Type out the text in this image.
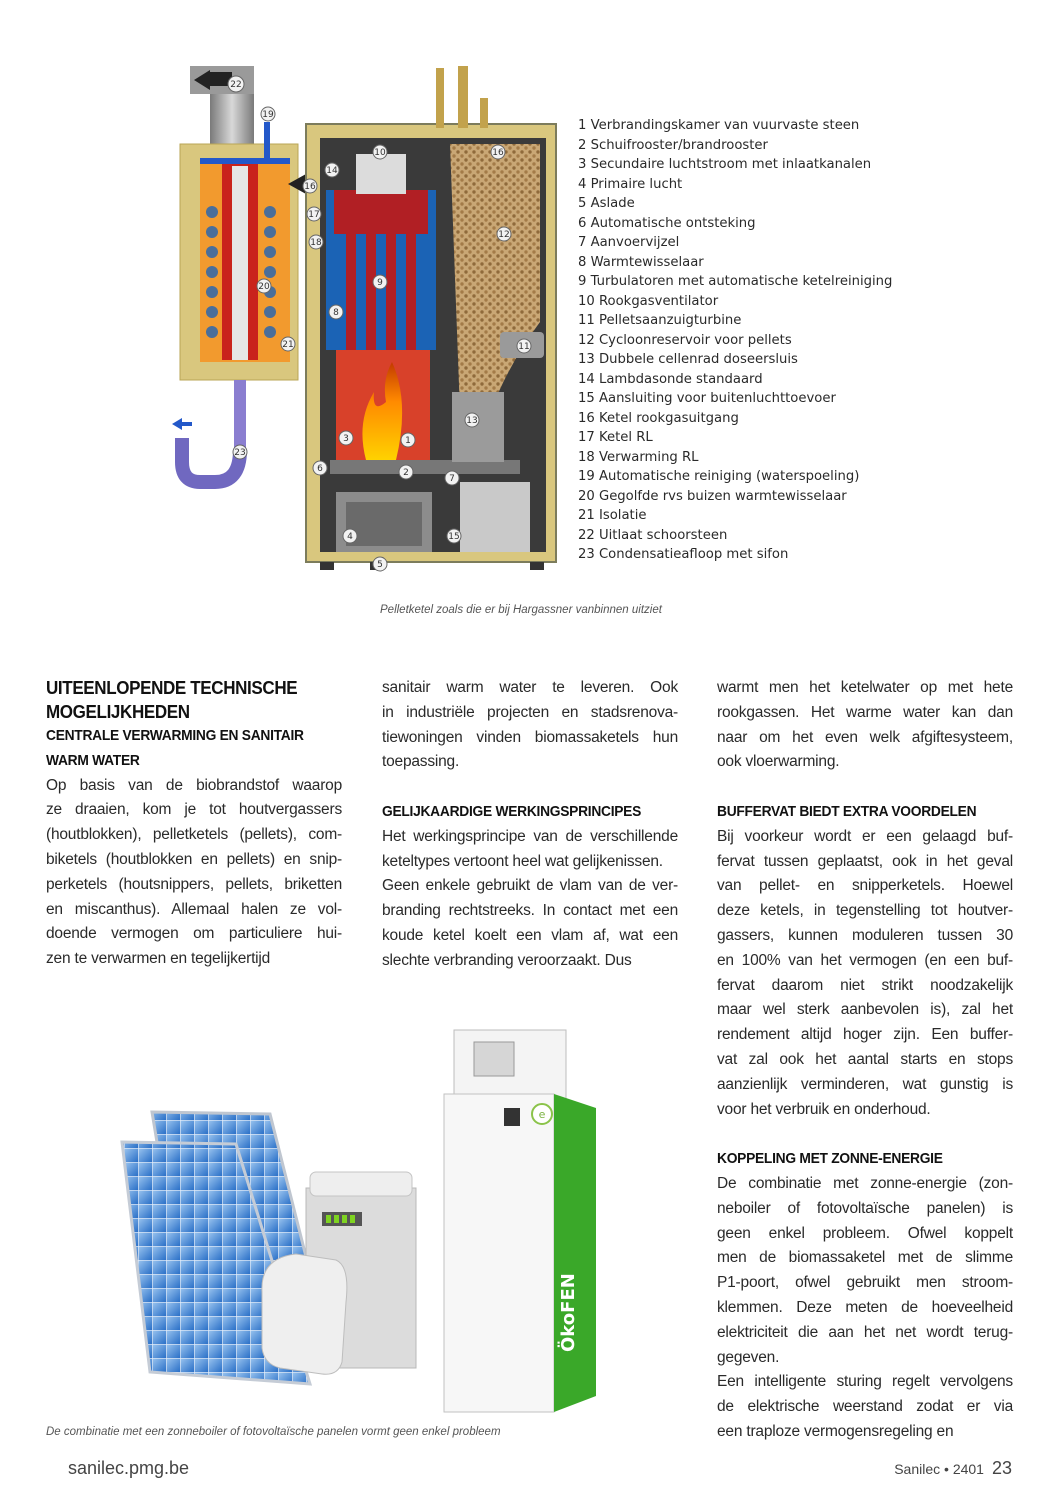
22
19
16
17
18
20
21
23
14
10	16
12
9
8
11
13
3	1
6	2
7
4	15
5
1 Verbrandingskamer van vuurvaste steen
2 Schuifrooster/brandrooster
3 Secundaire luchtstroom met inlaatkanalen
4 Primaire lucht
5 Aslade
6 Automatische ontsteking
7 Aanvoervijzel
8 Warmtewisselaar
9 Turbulatoren met automatische ketelreiniging
10 Rookgasventilator
11 Pelletsaanzuigturbine
12 Cycloonreservoir voor pellets
13 Dubbele cellenrad doseersluis
14 Lambdasonde standaard
15 Aansluiting voor buitenluchttoevoer
16 Ketel rookgasuitgang
17 Ketel RL
18 Verwarming RL
19 Automatische reiniging (waterspoeling)
20 Gegolfde rvs buizen warmtewisselaar
21 Isolatie
22 Uitlaat schoorsteen
23 Condensatieafloop met sifon
Pelletketel zoals die er bij Hargassner vanbinnen uitziet
UITEENLOPENDE TECHNISCHE
MOGELIJKHEDEN
CENTRALE VERWARMING EN SANITAIR
WARM WATER
Op basis van de biobrandstof waarop
ze draaien, kom je tot houtvergassers
(houtblokken), pelletketels (pellets), com-
biketels (houtblokken en pellets) en snip-
perketels (houtsnippers, pellets, briketten
en miscanthus). Allemaal halen ze vol-
doende vermogen om particuliere hui-
zen te verwarmen en tegelijkertijd
sanitair warm water te leveren. Ook
in industriële projecten en stadsrenova-
tiewoningen vinden biomassaketels hun
toepassing.
GELIJKAARDIGE WERKINGSPRINCIPES
Het werkingsprincipe van de verschillende
keteltypes vertoont heel wat gelijkenissen.
Geen enkele gebruikt de vlam van de ver-
branding rechtstreeks. In contact met een
koude ketel koelt een vlam af, wat een
slechte verbranding veroorzaakt. Dus
warmt men het ketelwater op met hete
rookgassen. Het warme water kan dan
naar om het even welk afgiftesysteem,
ook vloerwarming.
BUFFERVAT BIEDT EXTRA VOORDELEN
Bij voorkeur wordt er een gelaagd buf-
fervat tussen geplaatst, ook in het geval
van pellet- en snipperketels. Hoewel
deze ketels, in tegenstelling tot houtver-
gassers, kunnen moduleren tussen 30
en 100% van het vermogen (en een buf-
fervat daarom niet strikt noodzakelijk
maar wel sterk aanbevolen is), zal het
rendement altijd hoger zijn. Een buffer-
vat zal ook het aantal starts en stops
aanzienlijk verminderen, wat gunstig is
voor het verbruik en onderhoud.
KOPPELING MET ZONNE-ENERGIE
De combinatie met zonne-energie (zon-
neboiler of fotovoltaïsche panelen) is
geen enkel probleem. Ofwel koppelt
men de biomassaketel met de slimme
P1-poort, ofwel gebruikt men stroom-
klemmen. Deze meten de hoeveelheid
elektriciteit die aan het net wordt terug-
gegeven.
Een intelligente sturing regelt vervolgens
de elektrische weerstand zodat er via
een traploze vermogensregeling en
e
ÖkoFEN
De combinatie met een zonneboiler of fotovoltaïsche panelen vormt geen enkel probleem
sanilec.pmg.be	Sanilec • 2401 23
